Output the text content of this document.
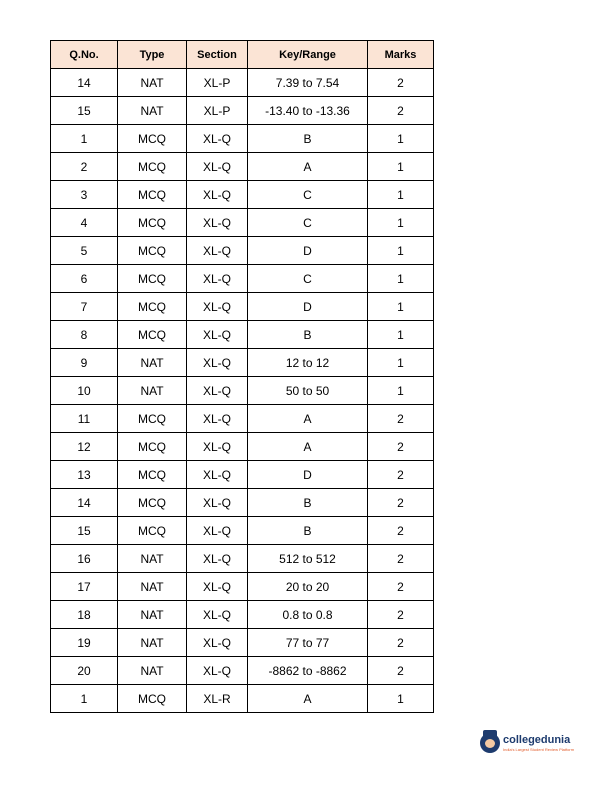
Q.No.	Type	Section	Key/Range	Marks
14	NAT	XL-P	7.39 to 7.54	2
15	NAT	XL-P	-13.40 to -13.36	2
1	MCQ	XL-Q	B	1
2	MCQ	XL-Q	A	1
3	MCQ	XL-Q	C	1
4	MCQ	XL-Q	C	1
5	MCQ	XL-Q	D	1
6	MCQ	XL-Q	C	1
7	MCQ	XL-Q	D	1
8	MCQ	XL-Q	B	1
9	NAT	XL-Q	12 to 12	1
10	NAT	XL-Q	50 to 50	1
11	MCQ	XL-Q	A	2
12	MCQ	XL-Q	A	2
13	MCQ	XL-Q	D	2
14	MCQ	XL-Q	B	2
15	MCQ	XL-Q	B	2
16	NAT	XL-Q	512 to 512	2
17	NAT	XL-Q	20 to 20	2
18	NAT	XL-Q	0.8 to 0.8	2
19	NAT	XL-Q	77 to 77	2
20	NAT	XL-Q	-8862 to -8862	2
1	MCQ	XL-R	A	1
collegedunia
India's Largest Student Review Platform
